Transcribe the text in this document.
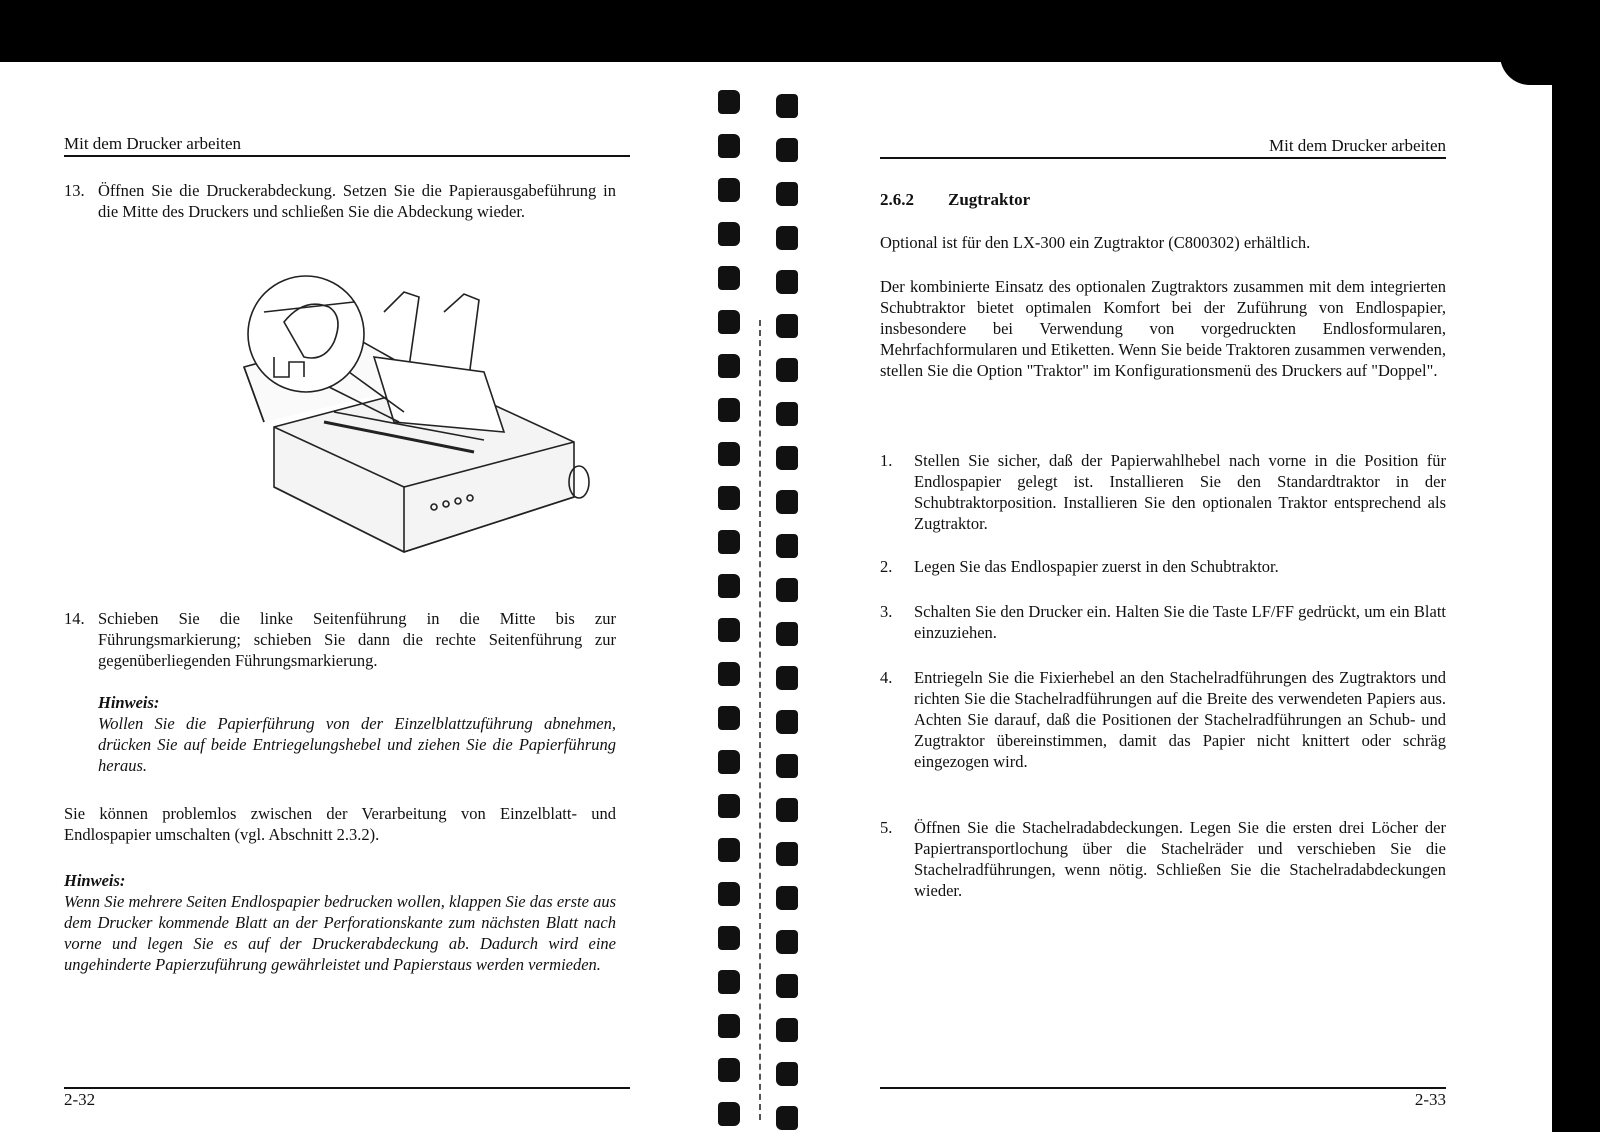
Mit dem Drucker arbeiten
13. Öffnen Sie die Druckerabdeckung. Setzen Sie die Papierausgabeführung in die Mitte des Druckers und schließen Sie die Abdeckung wieder.
14. Schieben Sie die linke Seitenführung in die Mitte bis zur Führungsmarkierung; schieben Sie dann die rechte Seitenführung zur gegenüberliegenden Führungsmarkierung.
Hinweis:
Wollen Sie die Papierführung von der Einzelblattzuführung abnehmen, drücken Sie auf beide Entriegelungshebel und ziehen Sie die Papierführung heraus.

Sie können problemlos zwischen der Verarbeitung von Einzelblatt- und Endlospapier umschalten (vgl. Abschnitt 2.3.2).

Hinweis:
Wenn Sie mehrere Seiten Endlospapier bedrucken wollen, klappen Sie das erste aus dem Drucker kommende Blatt an der Perforationskante zum nächsten Blatt nach vorne und legen Sie es auf der Druckerabdeckung ab. Dadurch wird eine ungehinderte Papierzuführung gewährleistet und Papierstaus werden vermieden.
2-32
Mit dem Drucker arbeiten
2.6.2 Zugtraktor

Optional ist für den LX-300 ein Zugtraktor (C800302) erhältlich.

Der kombinierte Einsatz des optionalen Zugtraktors zusammen mit dem integrierten Schubtraktor bietet optimalen Komfort bei der Zuführung von Endlospapier, insbesondere bei Verwendung von vorgedruckten Endlosformularen, Mehrfachformularen und Etiketten. Wenn Sie beide Traktoren zusammen verwenden, stellen Sie die Option "Traktor" im Konfigurationsmenü des Druckers auf "Doppel".

1.	Stellen Sie sicher, daß der Papierwahlhebel nach vorne in die Position für Endlospapier gelegt ist. Installieren Sie den Standardtraktor in der Schubtraktorposition. Installieren Sie den optionalen Traktor entsprechend als Zugtraktor.
2.	Legen Sie das Endlospapier zuerst in den Schubtraktor.
3.	Schalten Sie den Drucker ein. Halten Sie die Taste LF/FF gedrückt, um ein Blatt einzuziehen.
4.	Entriegeln Sie die Fixierhebel an den Stachelradführungen des Zugtraktors und richten Sie die Stachelradführungen auf die Breite des verwendeten Papiers aus. Achten Sie darauf, daß die Positionen der Stachelradführungen an Schub- und Zugtraktor übereinstimmen, damit das Papier nicht knittert oder schräg eingezogen wird.
5.	Öffnen Sie die Stachelradabdeckungen. Legen Sie die ersten drei Löcher der Papiertransportlochung über die Stachelräder und verschieben Sie die Stachelradführungen, wenn nötig. Schließen Sie die Stachelradabdeckungen wieder.
2-33
